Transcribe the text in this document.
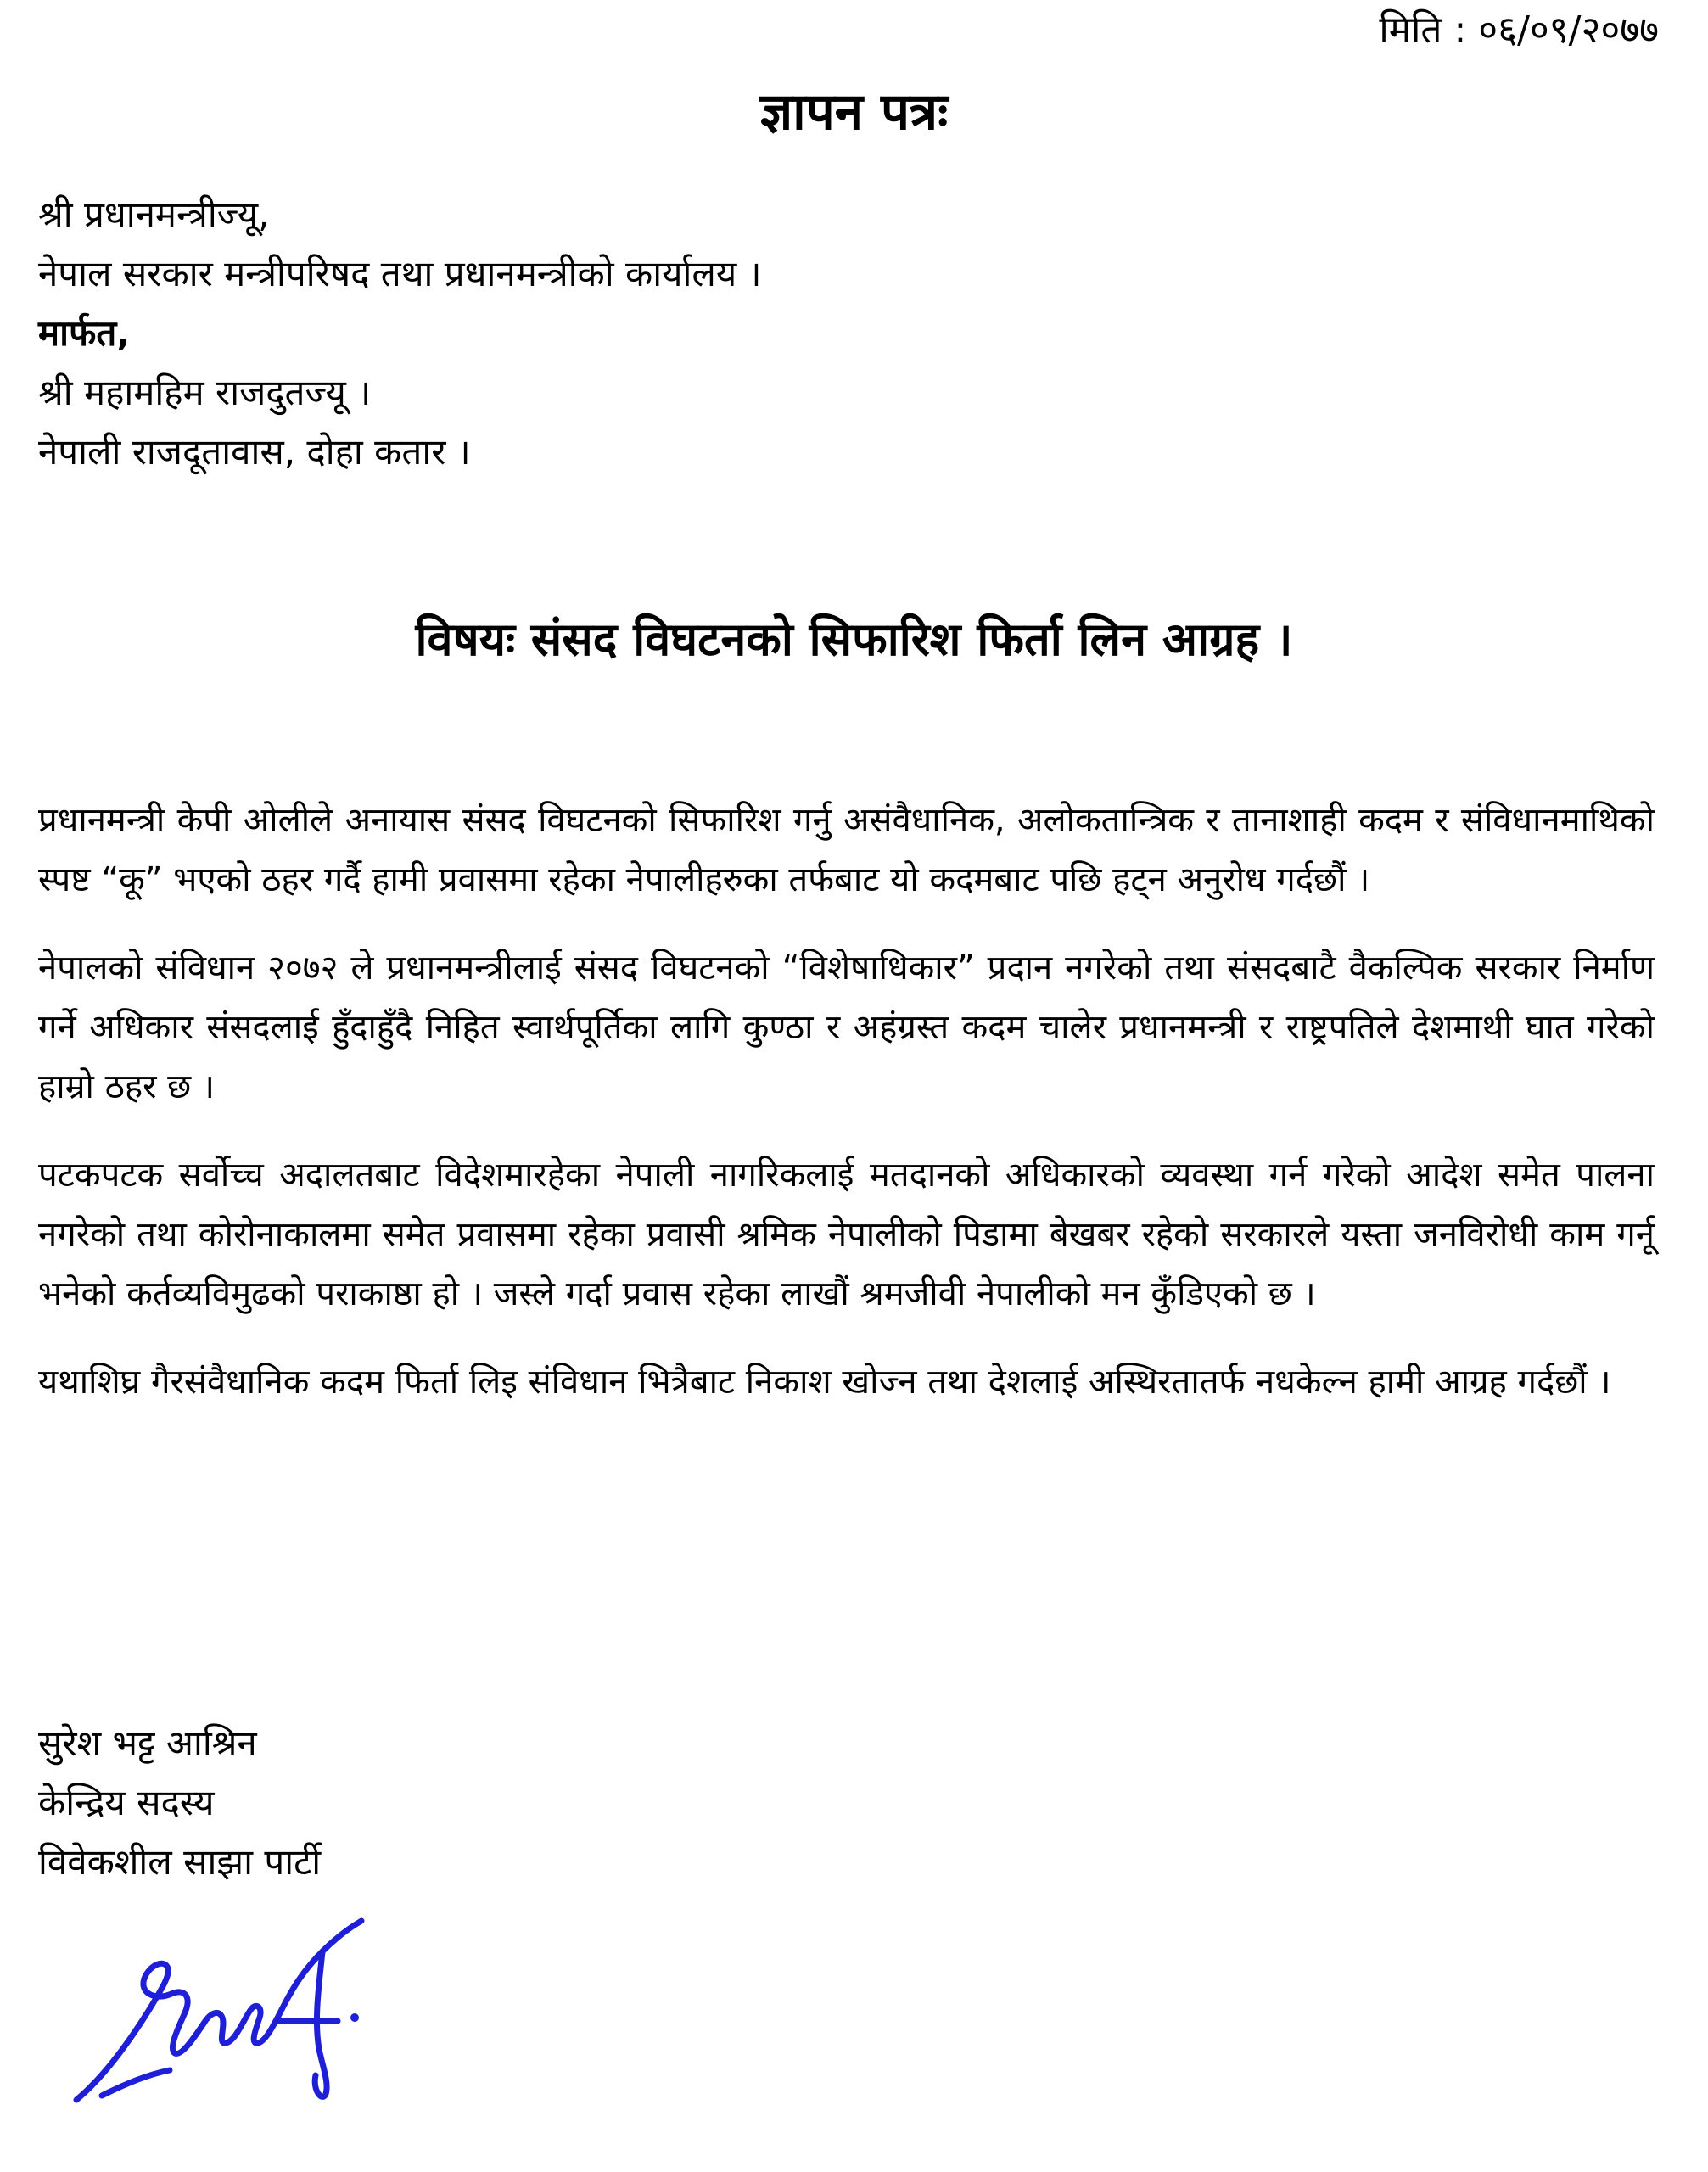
मिति : ०६/०९/२०७७
ज्ञापन पत्रः
श्री प्रधानमन्त्रीज्यू,
नेपाल सरकार मन्त्रीपरिषद तथा प्रधानमन्त्रीको कार्यालय ।
मार्फत,
श्री महामहिम राजदुतज्यू ।
नेपाली राजदूतावास, दोहा कतार ।
विषयः संसद विघटनको सिफारिश फिर्ता लिन आग्रह ।

प्रधानमन्त्री केपी ओलीले अनायास संसद विघटनको सिफारिश गर्नु असंवैधानिक, अलोकतान्त्रिक र तानाशाही कदम र संविधानमाथिको स्पष्ट “कू” भएको ठहर गर्दै हामी प्रवासमा रहेका नेपालीहरुका तर्फबाट यो कदमबाट पछि हट्न अनुरोध गर्दछौं ।

नेपालको संविधान २०७२ ले प्रधानमन्त्रीलाई संसद विघटनको “विशेषाधिकार” प्रदान नगरेको तथा संसदबाटै वैकल्पिक सरकार निर्माण गर्ने अधिकार संसदलाई हुँदाहुँदै निहित स्वार्थपूर्तिका लागि कुण्ठा र अहंग्रस्त कदम चालेर प्रधानमन्त्री र राष्ट्रपतिले देशमाथी घात गरेको हाम्रो ठहर छ ।

पटकपटक सर्वोच्च अदालतबाट विदेशमारहेका नेपाली नागरिकलाई मतदानको अधिकारको व्यवस्था गर्न गरेको आदेश समेत पालना नगरेको तथा कोरोनाकालमा समेत प्रवासमा रहेका प्रवासी श्रमिक नेपालीको पिडामा बेखबर रहेको सरकारले यस्ता जनविरोधी काम गर्नू भनेको कर्तव्यविमुढको पराकाष्ठा हो । जस्ले गर्दा प्रवास रहेका लाखौं श्रमजीवी नेपालीको मन कुँडिएको छ ।

यथाशिघ्र गैरसंवैधानिक कदम फिर्ता लिइ संविधान भित्रैबाट निकाश खोज्न तथा देशलाई अस्थिरतातर्फ नधकेल्न हामी आग्रह गर्दछौं ।

सुरेश भट्ट आश्रिन
केन्द्रिय सदस्य
विवेकशील साझा पार्टी
